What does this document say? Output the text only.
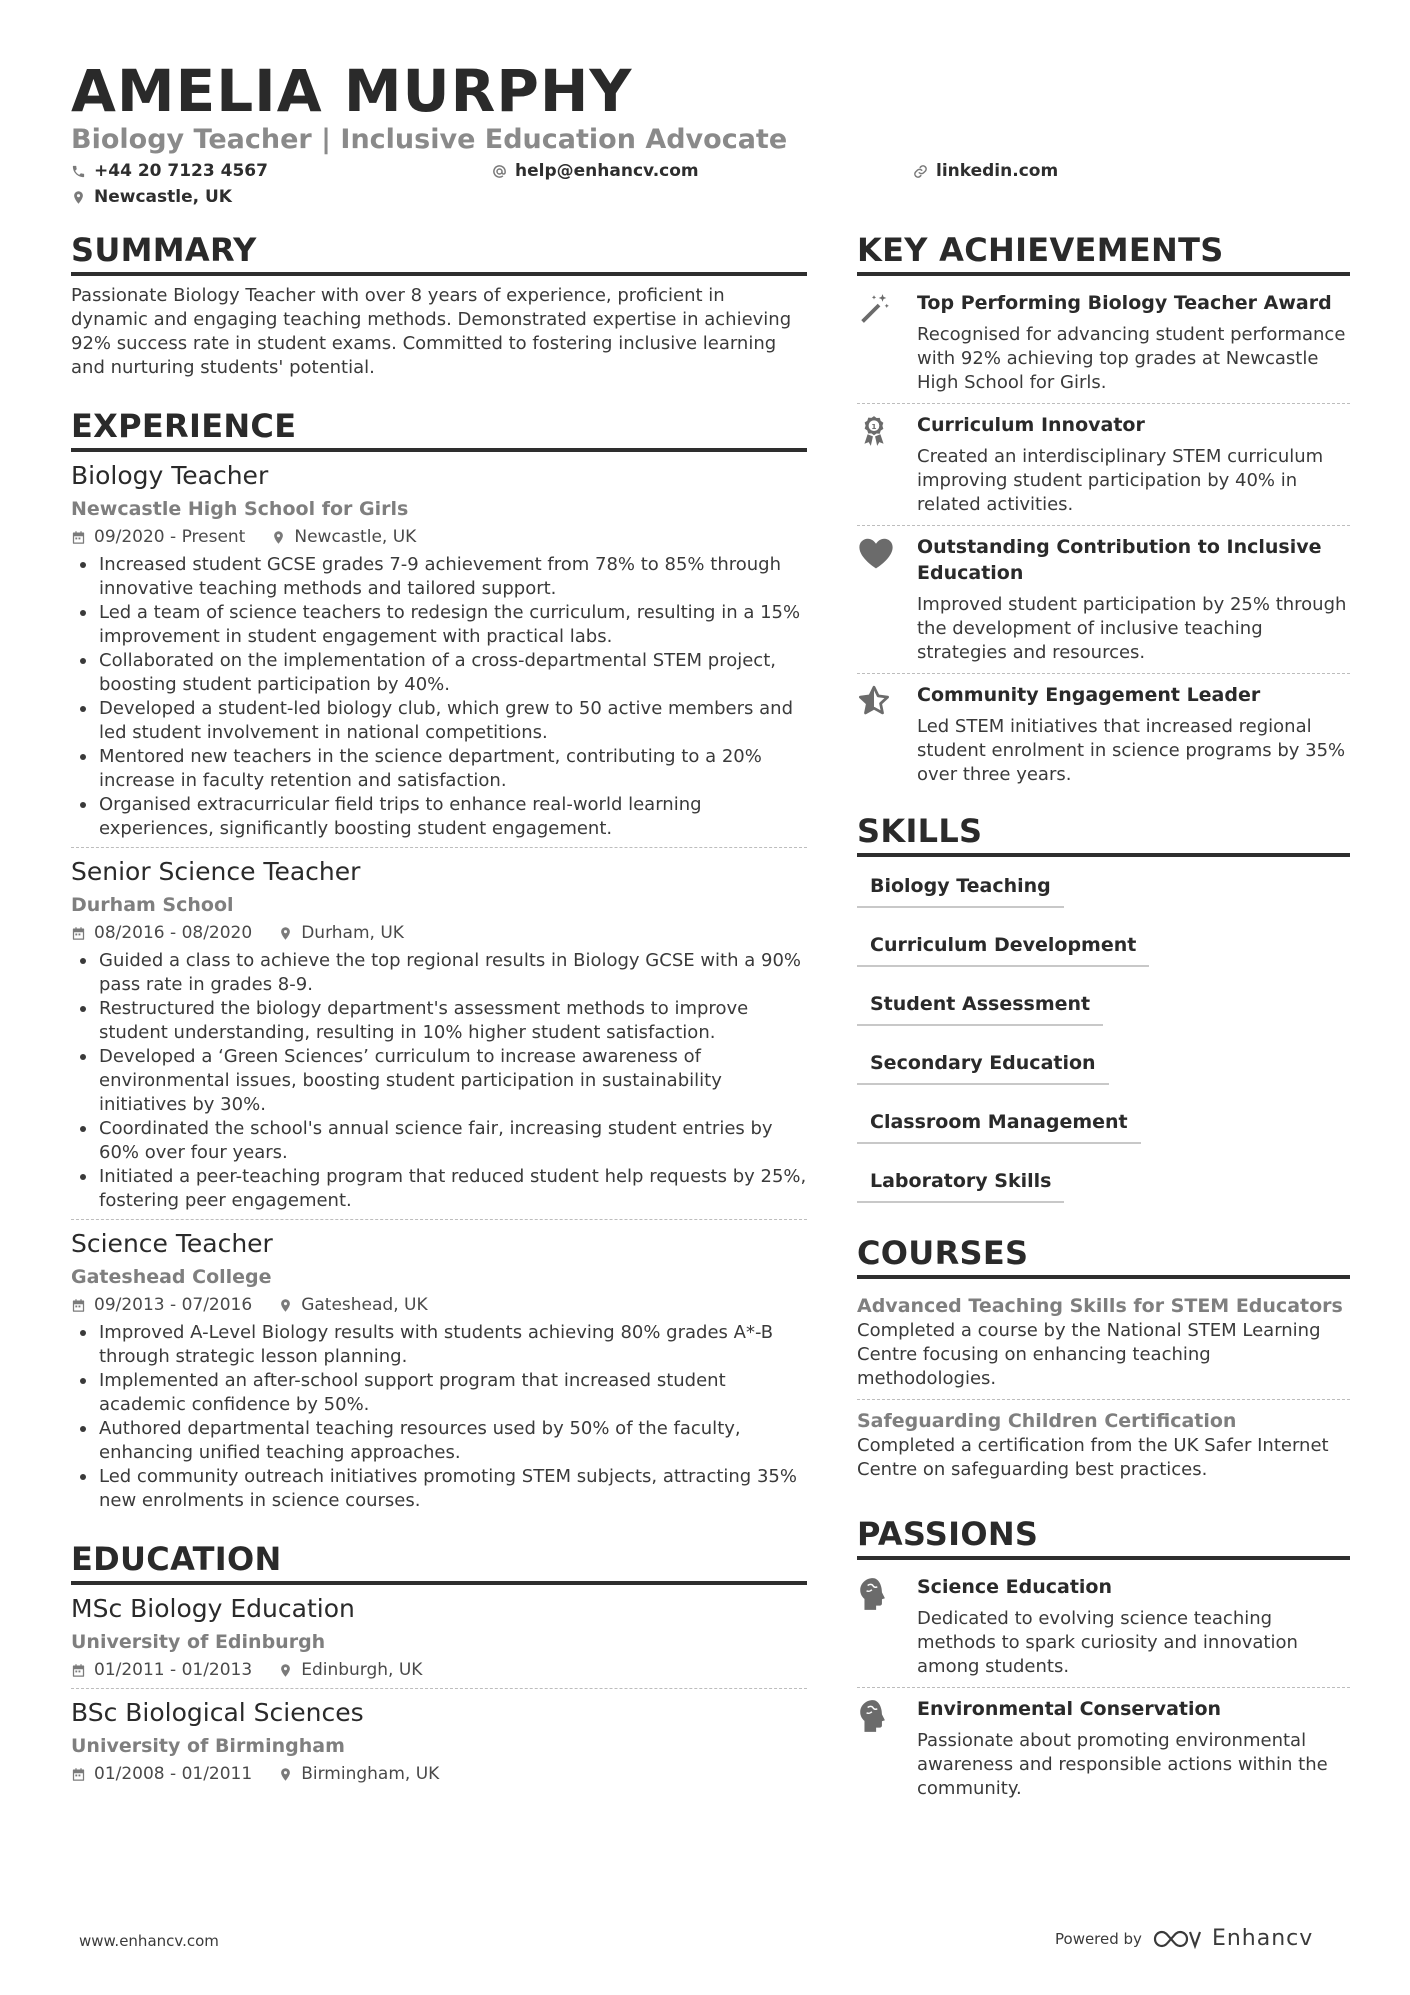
AMELIA MURPHY
Biology Teacher | Inclusive Education Advocate
+44 20 7123 4567	help@enhancv.com	linkedin.com
Newcastle, UK
SUMMARY
Passionate Biology Teacher with over 8 years of experience, proficient in dynamic and engaging teaching methods. Demonstrated expertise in achieving 92% success rate in student exams. Committed to fostering inclusive learning and nurturing students' potential.
EXPERIENCE
Biology Teacher
Newcastle High School for Girls
09/2020 - Present	Newcastle, UK
Increased student GCSE grades 7-9 achievement from 78% to 85% through innovative teaching methods and tailored support.
Led a team of science teachers to redesign the curriculum, resulting in a 15% improvement in student engagement with practical labs.
Collaborated on the implementation of a cross-departmental STEM project, boosting student participation by 40%.
Developed a student-led biology club, which grew to 50 active members and led student involvement in national competitions.
Mentored new teachers in the science department, contributing to a 20% increase in faculty retention and satisfaction.
Organised extracurricular field trips to enhance real-world learning experiences, significantly boosting student engagement.
Senior Science Teacher
Durham School
08/2016 - 08/2020	Durham, UK
Guided a class to achieve the top regional results in Biology GCSE with a 90% pass rate in grades 8-9.
Restructured the biology department's assessment methods to improve student understanding, resulting in 10% higher student satisfaction.
Developed a ‘Green Sciences’ curriculum to increase awareness of environmental issues, boosting student participation in sustainability initiatives by 30%.
Coordinated the school's annual science fair, increasing student entries by 60% over four years.
Initiated a peer-teaching program that reduced student help requests by 25%, fostering peer engagement.
Science Teacher
Gateshead College
09/2013 - 07/2016	Gateshead, UK
Improved A-Level Biology results with students achieving 80% grades A*-B through strategic lesson planning.
Implemented an after-school support program that increased student academic confidence by 50%.
Authored departmental teaching resources used by 50% of the faculty, enhancing unified teaching approaches.
Led community outreach initiatives promoting STEM subjects, attracting 35% new enrolments in science courses.
EDUCATION
MSc Biology Education
University of Edinburgh
01/2011 - 01/2013	Edinburgh, UK
BSc Biological Sciences
University of Birmingham
01/2008 - 01/2011	Birmingham, UK
KEY ACHIEVEMENTS
Top Performing Biology Teacher Award
Recognised for advancing student performance with 92% achieving top grades at Newcastle High School for Girls.
1 Curriculum Innovator
Created an interdisciplinary STEM curriculum improving student participation by 40% in related activities.
Outstanding Contribution to Inclusive Education
Improved student participation by 25% through the development of inclusive teaching strategies and resources.
Community Engagement Leader
Led STEM initiatives that increased regional student enrolment in science programs by 35% over three years.
SKILLS
Biology Teaching
Curriculum Development
Student Assessment
Secondary Education
Classroom Management
Laboratory Skills
COURSES
Advanced Teaching Skills for STEM Educators
Completed a course by the National STEM Learning Centre focusing on enhancing teaching methodologies.
Safeguarding Children Certification
Completed a certification from the UK Safer Internet Centre on safeguarding best practices.
PASSIONS
Science Education
Dedicated to evolving science teaching methods to spark curiosity and innovation among students.
Environmental Conservation
Passionate about promoting environmental awareness and responsible actions within the community.
www.enhancv.com	Powered by	Enhancv
